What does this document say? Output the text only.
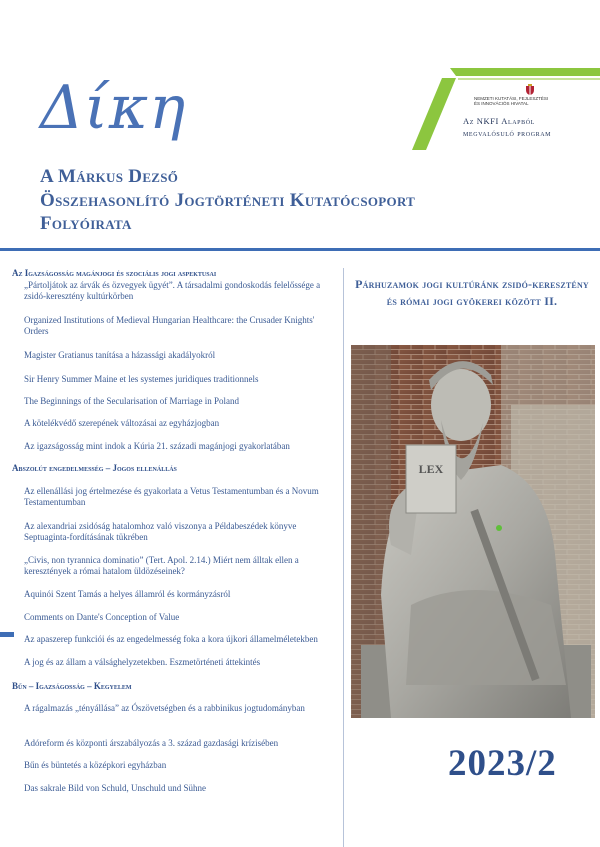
Δίκη
A Márkus Dezső
Összehasonlító Jogtörténeti Kutatócsoport
Folyóirata
NEMZETI KUTATÁSI, FEJLESZTÉSI
ÉS INNOVÁCIÓS HIVATAL
Az NKFI Alapból
megvalósuló program
Az Igazságosság magánjogi és szociális jogi aspektusai
„Pártoljátok az árvák és özvegyek ügyét”. A társadalmi gondoskodás felelőssége a zsidó-keresztény kultúrkörben
Organized Institutions of Medieval Hungarian Healthcare: the Crusader Knights' Orders
Magister Gratianus tanítása a házassági akadályokról
Sir Henry Summer Maine et les systemes juridiques traditionnels
The Beginnings of the Secularisation of Marriage in Poland
A kötelékvédő szerepének változásai az egyházjogban
Az igazságosság mint indok a Kúria 21. századi magánjogi gyakorlatában
Abszolút engedelmesség – Jogos ellenállás
Az ellenállási jog értelmezése és gyakorlata a Vetus Testamentumban és a Novum Testamentumban
Az alexandriai zsidóság hatalomhoz való viszonya a Példabeszédek könyve Septuaginta-fordításának tükrében
„Civis, non tyrannica dominatio” (Tert. Apol. 2.14.) Miért nem álltak ellen a keresztények a római hatalom üldözéseinek?
Aquinói Szent Tamás a helyes államról és kormányzásról
Comments on Dante's Conception of Value
Az apaszerep funkciói és az engedelmesség foka a kora újkori államelméletekben
A jog és az állam a válsághelyzetekben. Eszmetörténeti áttekintés
Bűn – Igazságosság – Kegyelem
A rágalmazás „tényállása” az Ószövetségben és a rabbinikus jogtudományban
Adóreform és központi árszabályozás a 3. század gazdasági krízisében
Bűn és büntetés a középkori egyházban
Das sakrale Bild von Schuld, Unschuld und Sühne
Párhuzamok jogi kultúránk zsidó-keresztény és római jogi gyökerei között II.
LEX
2023/2
